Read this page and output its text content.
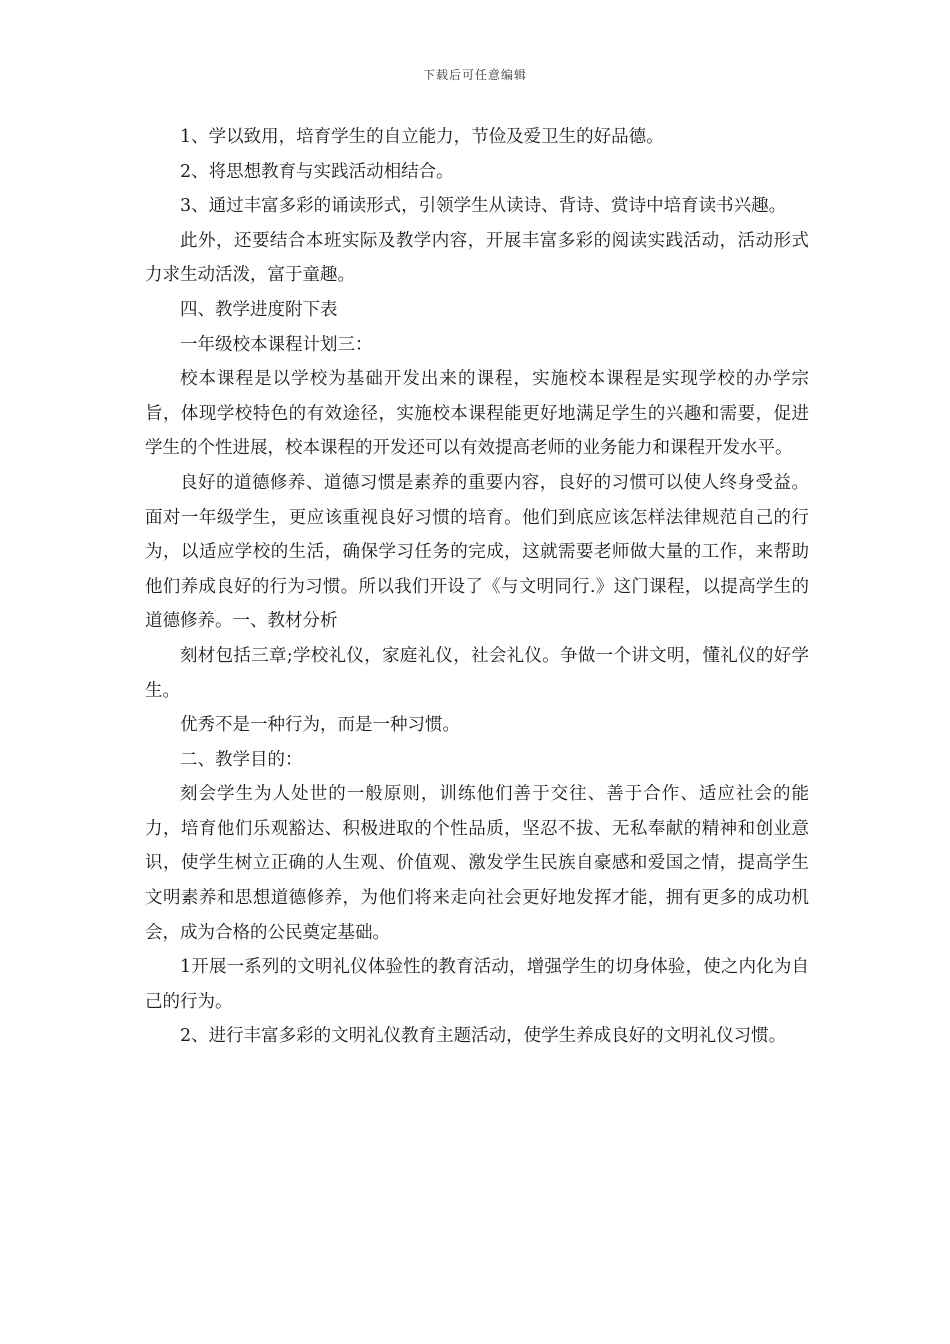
下载后可任意编辑

1、学以致用，培育学生的自立能力，节俭及爱卫生的好品德。

2、将思想教育与实践活动相结合。

3、通过丰富多彩的诵读形式，引领学生从读诗、背诗、赏诗中培育读书兴趣。

此外，还要结合本班实际及教学内容，开展丰富多彩的阅读实践活动，活动形式力求生动活泼，富于童趣。

四、教学进度附下表

一年级校本课程计划三：

校本课程是以学校为基础开发出来的课程，实施校本课程是实现学校的办学宗旨，体现学校特色的有效途径，实施校本课程能更好地满足学生的兴趣和需要，促进学生的个性进展，校本课程的开发还可以有效提高老师的业务能力和课程开发水平。

良好的道德修养、道德习惯是素养的重要内容，良好的习惯可以使人终身受益。面对一年级学生，更应该重视良好习惯的培育。他们到底应该怎样法律规范自己的行为，以适应学校的生活，确保学习任务的完成，这就需要老师做大量的工作，来帮助他们养成良好的行为习惯。所以我们开设了《与文明同行.》这门课程，以提高学生的道德修养。一、教材分析

刻材包括三章;学校礼仪，家庭礼仪，社会礼仪。争做一个讲文明，懂礼仪的好学生。

优秀不是一种行为，而是一种习惯。

二、教学目的：

刻会学生为人处世的一般原则，训练他们善于交往、善于合作、适应社会的能力，培育他们乐观豁达、积极进取的个性品质，坚忍不拔、无私奉献的精神和创业意识，使学生树立正确的人生观、价值观、激发学生民族自豪感和爱国之情，提高学生文明素养和思想道德修养，为他们将来走向社会更好地发挥才能，拥有更多的成功机会，成为合格的公民奠定基础。

1开展一系列的文明礼仪体验性的教育活动，增强学生的切身体验，使之内化为自己的行为。

2、进行丰富多彩的文明礼仪教育主题活动，使学生养成良好的文明礼仪习惯。
